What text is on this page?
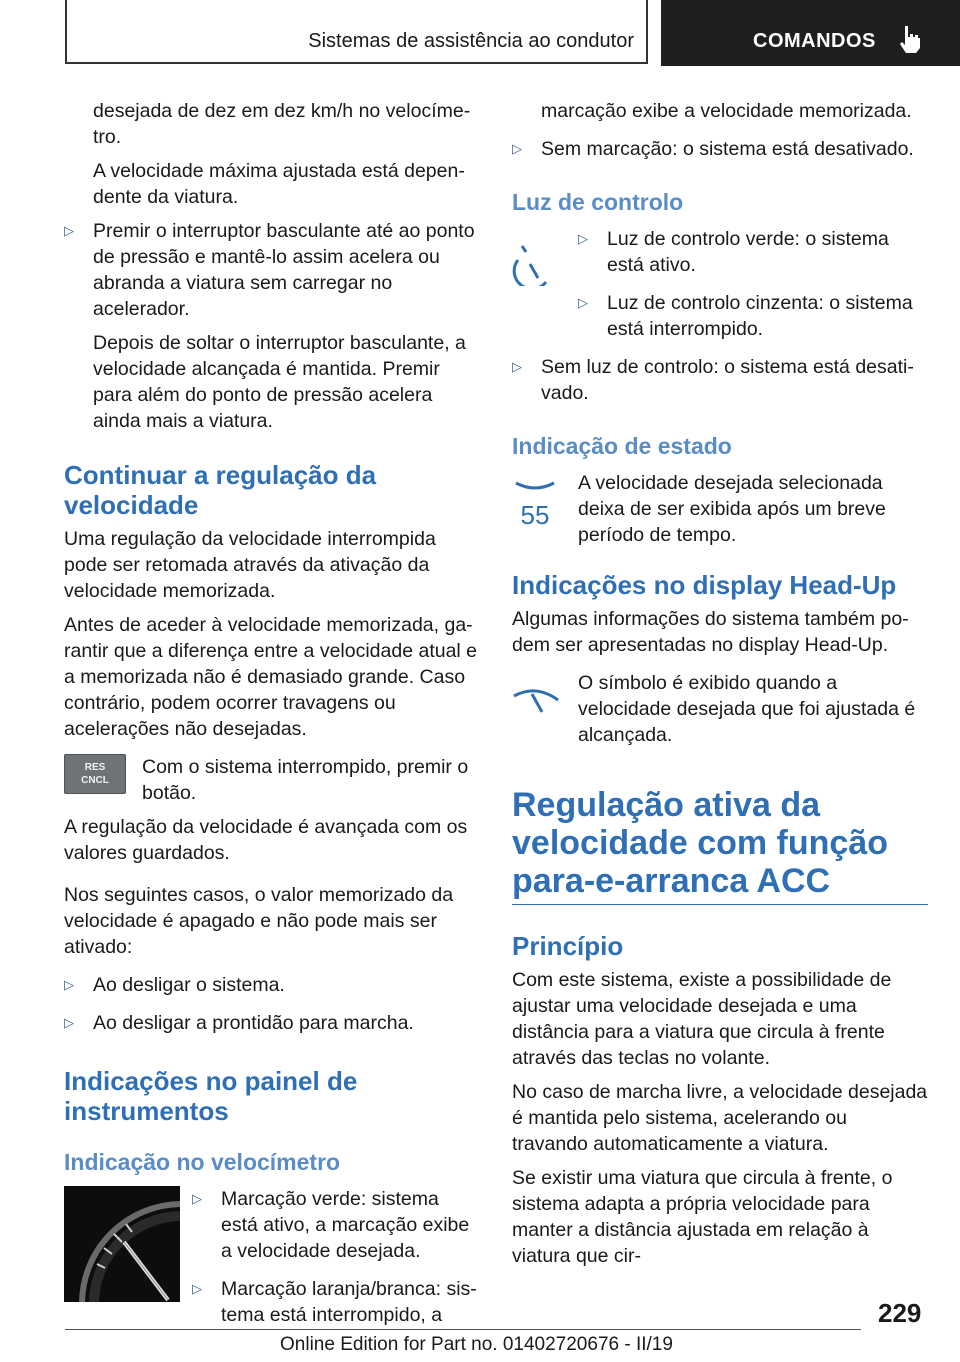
Sistemas de assistência ao condutor	COMANDOS

desejada de dez em dez km/h no velocímetro.

A velocidade máxima ajustada está dependente da viatura.

▷ Premir o interruptor basculante até ao ponto de pressão e mantê-lo assim acelera ou abranda a viatura sem carregar no acelerador.

Depois de soltar o interruptor basculante, a velocidade alcançada é mantida. Premir para além do ponto de pressão acelera ainda mais a viatura.

Continuar a regulação da velocidade

Uma regulação da velocidade interrompida pode ser retomada através da ativação da velocidade memorizada.

Antes de aceder à velocidade memorizada, garantir que a diferença entre a velocidade atual e a memorizada não é demasiado grande. Caso contrário, podem ocorrer travagens ou acelerações não desejadas.

RES
CNCL
Com o sistema interrompido, premir o botão.

A regulação da velocidade é avançada com os valores guardados.

Nos seguintes casos, o valor memorizado da velocidade é apagado e não pode mais ser ativado:

▷ Ao desligar o sistema.
▷ Ao desligar a prontidão para marcha.
Indicações no painel de instrumentos
Indicação no velocímetro
▷ Marcação verde: sistema está ativo, a marcação exibe a velocidade desejada.
▷ Marcação laranja/branca: sistema está interrompido, a

marcação exibe a velocidade memorizada.

▷ Sem marcação: o sistema está desativado.
Luz de controlo
▷ Luz de controlo verde: o sistema está ativo.
▷ Luz de controlo cinzenta: o sistema está interrompido.
▷ Sem luz de controlo: o sistema está desativado.
Indicação de estado
55
A velocidade desejada selecionada deixa de ser exibida após um breve período de tempo.
Indicações no display Head-Up

Algumas informações do sistema também podem ser apresentadas no display Head-Up.

O símbolo é exibido quando a velocidade desejada que foi ajustada é alcançada.
Regulação ativa da velocidade com função para-e-arranca ACC
Princípio

Com este sistema, existe a possibilidade de ajustar uma velocidade desejada e uma distância para a viatura que circula à frente através das teclas no volante.

No caso de marcha livre, a velocidade desejada é mantida pelo sistema, acelerando ou travando automaticamente a viatura.

Se existir uma viatura que circula à frente, o sistema adapta a própria velocidade para manter a distância ajustada em relação à viatura que cir-

229
Online Edition for Part no. 01402720676 - II/19
